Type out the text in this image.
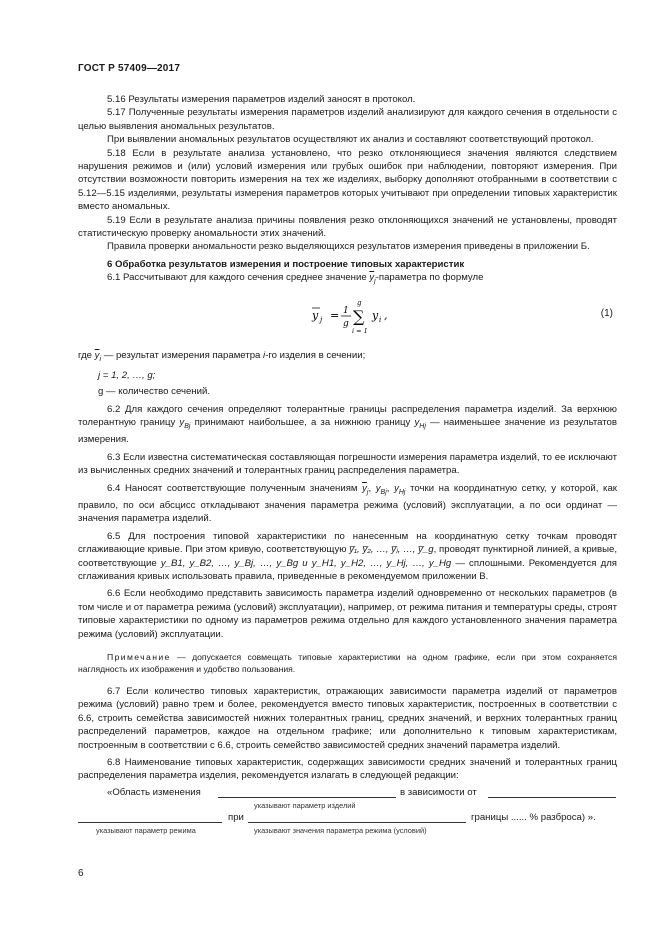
ГОСТ Р 57409—2017

5.16 Результаты измерения параметров изделий заносят в протокол.

5.17 Полученные результаты измерения параметров изделий анализируют для каждого сечения в отдельности с целью выявления аномальных результатов.

При выявлении аномальных результатов осуществляют их анализ и составляют соответствующий протокол.

5.18 Если в результате анализа установлено, что резко отклоняющиеся значения являются следствием нарушения режимов и (или) условий измерения или грубых ошибок при наблюдении, повторяют измерения. При отсутствии возможности повторить измерения на тех же изделиях, выборку дополняют отобранными в соответствии с 5.12—5.15 изделиями, результаты измерения параметров которых учитывают при определении типовых характеристик вместо аномальных.

5.19 Если в результате анализа причины появления резко отклоняющихся значений не установлены, проводят статистическую проверку аномальности этих значений.

Правила проверки аномальности резко выделяющихся результатов измерения приведены в приложении Б.

6 Обработка результатов измерения и построение типовых характеристик

6.1 Рассчитывают для каждого сечения среднее значение $\overline{y}_j$-параметра по формуле

y j = 1
g
g
∑
i = 1
y i ,	(1)

где $\overline{y}_i$ — результат измерения параметра i-го изделия в сечении;

j = 1, 2, …, g;

g — количество сечений.

6.2 Для каждого сечения определяют толерантные границы распределения параметра изделий. За верхнюю толерантную границу $y_{Bj}$ принимают наибольшее, а за нижнюю границу $y_{Hj}$ — наименьшее значение из результатов измерения.

6.3 Если известна систематическая составляющая погрешности измерения параметра изделий, то ее исключают из вычисленных средних значений и толерантных границ распределения параметра.

6.4 Наносят соответствующие полученным значениям $\overline{y}_j$, $y_{Bj}$, $y_{Hj}$ точки на координатную сетку, у которой, как правило, по оси абсцисс откладывают значения параметра режима (условий) эксплуатации, а по оси ординат — значения параметра изделий.

6.5 Для построения типовой характеристики по нанесенным на координатную сетку точкам проводят сглаживающие кривые. При этом кривую, соответствующую y̅₁, y̅₂, …, y̅ⱼ, …, y̅_g, проводят пунктирной линией, а кривые, соответствующие y_B1, y_B2, …, y_Bj, …, y_Bg и y_H1, y_H2, …, y_Hj, …, y_Hg — сплошными. Рекомендуется для сглаживания кривых использовать правила, приведенные в рекомендуемом приложении В.

6.6 Если необходимо представить зависимость параметра изделий одновременно от нескольких параметров (в том числе и от параметра режима (условий) эксплуатации), например, от режима питания и температуры среды, строят типовые характеристики по одному из параметров режима отдельно для каждого установленного значения параметра режима (условий) эксплуатации.

Примечание — допускается совмещать типовые характеристики на одном графике, если при этом сохраняется наглядность их изображения и удобство пользования.

6.7 Если количество типовых характеристик, отражающих зависимости параметра изделий от параметров режима (условий) равно трем и более, рекомендуется вместо типовых характеристик, построенных в соответствии с 6.6, строить семейства зависимостей нижних толерантных границ, средних значений, и верхних толерантных границ распределений параметров, каждое на отдельном графике; или дополнительно к типовым характеристикам, построенным в соответствии с 6.6, строить семейство зависимостей средних значений параметра изделий.

6.8 Наименование типовых характеристик, содержащих зависимости средних значений и толерантных границ распределения параметра изделия, рекомендуется излагать в следующей редакции:

«Область изменения	в зависимости от
указывают параметр изделий
при	границы ...... % разброса) ».
указывают параметр режима	указывают значения параметра режима (условий)
6
